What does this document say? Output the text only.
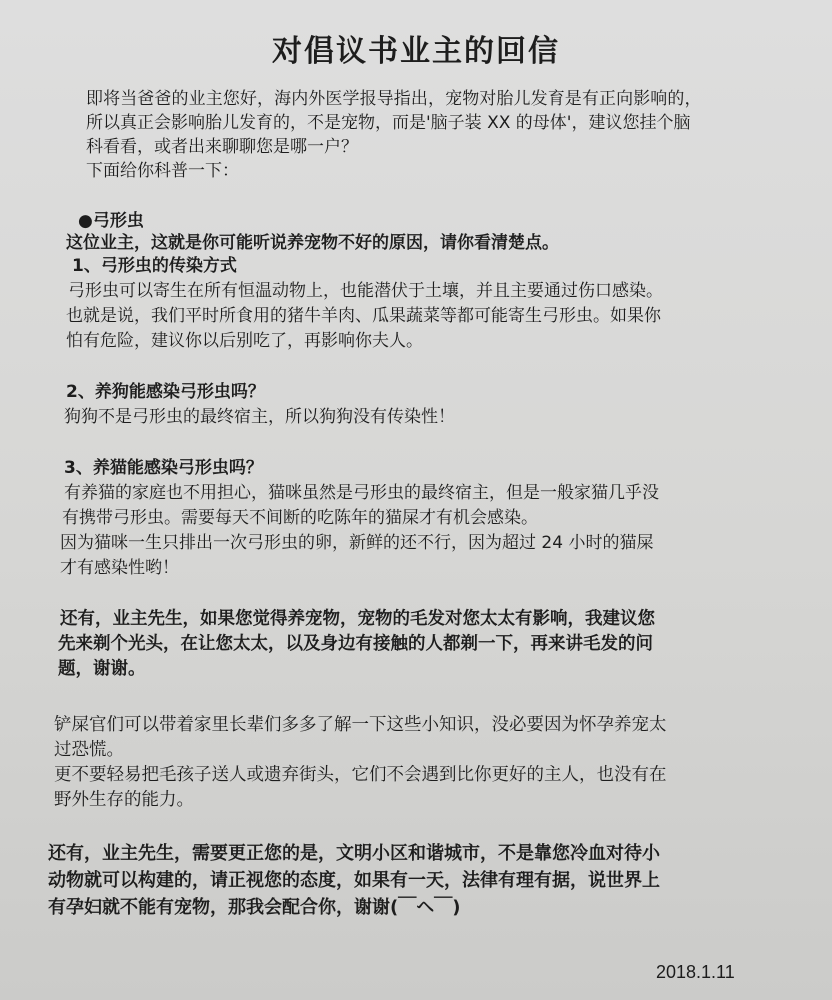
对倡议书业主的回信
即将当爸爸的业主您好，海内外医学报导指出，宠物对胎儿发育是有正向影响的，
所以真正会影响胎儿发育的，不是宠物，而是'脑子装 XX 的母体'，建议您挂个脑
科看看，或者出来聊聊您是哪一户？
下面给你科普一下：
●弓形虫
这位业主，这就是你可能听说养宠物不好的原因，请你看清楚点。
1、弓形虫的传染方式
弓形虫可以寄生在所有恒温动物上，也能潜伏于土壤，并且主要通过伤口感染。
也就是说，我们平时所食用的猪牛羊肉、瓜果蔬菜等都可能寄生弓形虫。如果你
怕有危险，建议你以后别吃了，再影响你夫人。
2、养狗能感染弓形虫吗？
狗狗不是弓形虫的最终宿主，所以狗狗没有传染性！
3、养猫能感染弓形虫吗？
有养猫的家庭也不用担心，猫咪虽然是弓形虫的最终宿主，但是一般家猫几乎没
有携带弓形虫。需要每天不间断的吃陈年的猫屎才有机会感染。
因为猫咪一生只排出一次弓形虫的卵，新鲜的还不行，因为超过 24 小时的猫屎
才有感染性哟！
还有，业主先生，如果您觉得养宠物，宠物的毛发对您太太有影响，我建议您
先来剃个光头，在让您太太，以及身边有接触的人都剃一下，再来讲毛发的问
题，谢谢。
铲屎官们可以带着家里长辈们多多了解一下这些小知识，没必要因为怀孕养宠太
过恐慌。
更不要轻易把毛孩子送人或遗弃街头，它们不会遇到比你更好的主人，也没有在
野外生存的能力。
还有，业主先生，需要更正您的是，文明小区和谐城市，不是靠您冷血对待小
动物就可以构建的，请正视您的态度，如果有一天，法律有理有据，说世界上
有孕妇就不能有宠物，那我会配合你，谢谢(￣ヘ￣)
2018.1.11
